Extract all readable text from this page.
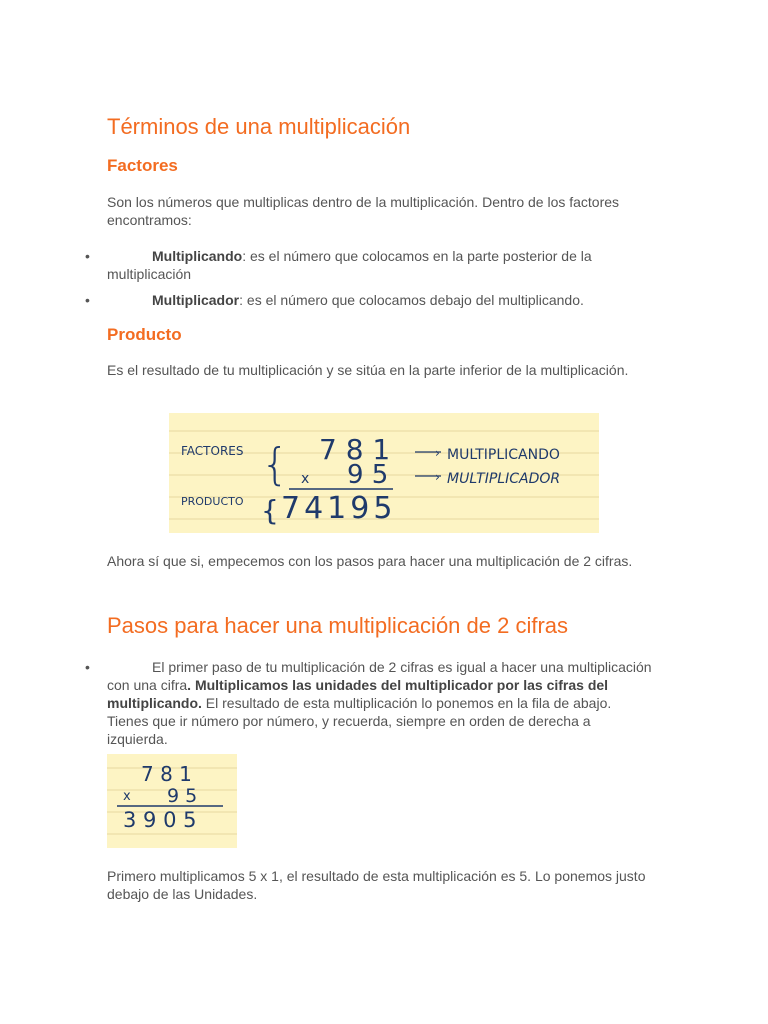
Términos de una multiplicación
Factores

Son los números que multiplicas dentro de la multiplicación. Dentro de los factores encontramos:

•	Multiplicando: es el número que colocamos en la parte posterior de la multiplicación

•	Multiplicador: es el número que colocamos debajo del multiplicando.

Producto

Es el resultado de tu multiplicación y se sitúa en la parte inferior de la multiplicación.

FACTORES { 7 8 1
x 9 5
PRODUCTO { 74195
› MULTIPLICANDO
› MULTIPLICADOR

Ahora sí que si, empecemos con los pasos para hacer una multiplicación de 2 cifras.

Pasos para hacer una multiplicación de 2 cifras
•	El primer paso de tu multiplicación de 2 cifras es igual a hacer una multiplicación con una cifra. Multiplicamos las unidades del multiplicador por las cifras del multiplicando. El resultado de esta multiplicación lo ponemos en la fila de abajo. Tienes que ir número por número, y recuerda, siempre en orden de derecha a izquierda.

7 8 1
x 9 5
3 9 0 5

Primero multiplicamos 5 x 1, el resultado de esta multiplicación es 5. Lo ponemos justo debajo de las Unidades.
